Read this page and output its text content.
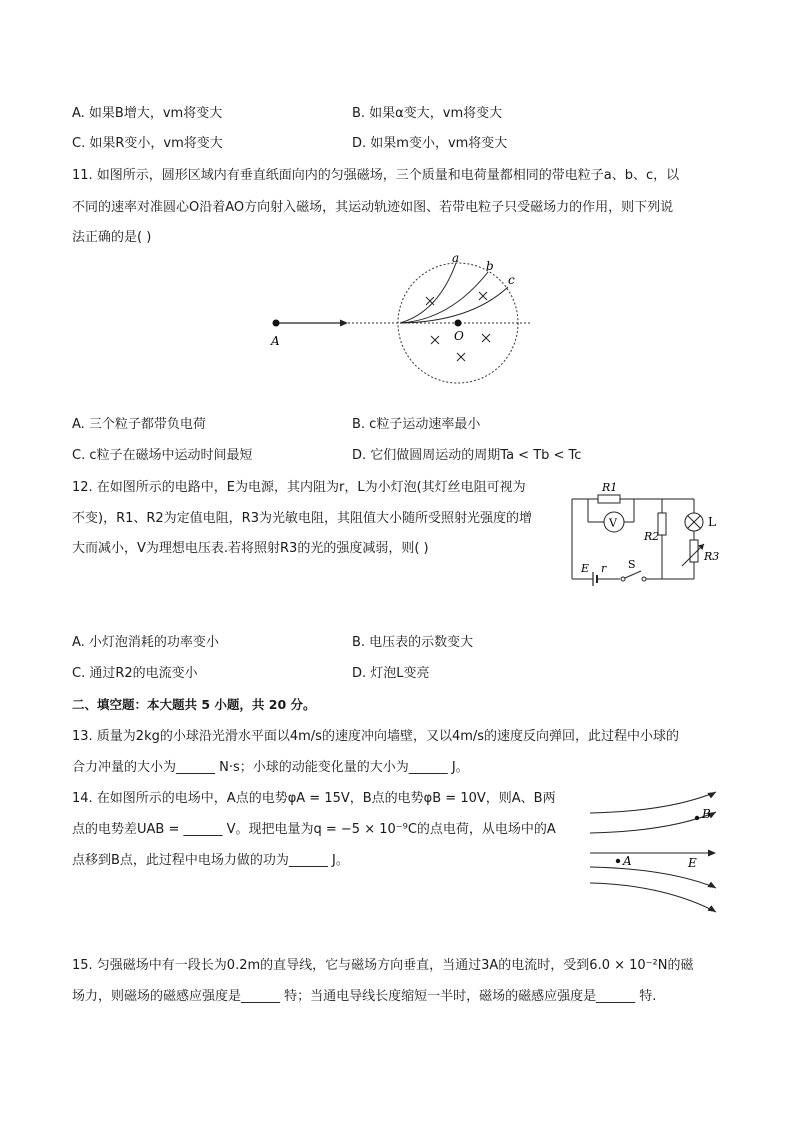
A. 如果B增大，vm将变大	B. 如果α变大，vm将变大
C. 如果R变小，vm将变大	D. 如果m变小，vm将变大
11. 如图所示，圆形区域内有垂直纸面向内的匀强磁场，三个质量和电荷量都相同的带电粒子a、b、c，以
不同的速率对准圆心O沿着AO方向射入磁场，其运动轨迹如图、若带电粒子只受磁场力的作用，则下列说
法正确的是( )
a
b
c
O
A
A. 三个粒子都带负电荷	B. c粒子运动速率最小
C. c粒子在磁场中运动时间最短	D. 它们做圆周运动的周期Ta < Tb < Tc
12. 在如图所示的电路中，E为电源，其内阻为r，L为小灯泡(其灯丝电阻可视为
不变)，R1、R2为定值电阻，R3为光敏电阻，其阻值大小随所受照射光强度的增
大而减小，V为理想电压表.若将照射R3的光的强度减弱，则( )
R1
V
R2
L
R3
E r S
A. 小灯泡消耗的功率变小	B. 电压表的示数变大
C. 通过R2的电流变小	D. 灯泡L变亮
二、填空题：本大题共 5 小题，共 20 分。
13. 质量为2kg的小球沿光滑水平面以4m/s的速度冲向墙壁，又以4m/s的速度反向弹回，此过程中小球的
合力冲量的大小为______ N·s；小球的动能变化量的大小为______ J。
14. 在如图所示的电场中，A点的电势φA = 15V，B点的电势φB = 10V，则A、B两
点的电势差UAB = ______ V。现把电量为q = −5 × 10⁻⁹C的点电荷，从电场中的A
点移到B点，此过程中电场力做的功为______ J。
B
A	E
15. 匀强磁场中有一段长为0.2m的直导线，它与磁场方向垂直，当通过3A的电流时，受到6.0 × 10⁻²N的磁
场力，则磁场的磁感应强度是______ 特；当通电导线长度缩短一半时，磁场的磁感应强度是______ 特.
